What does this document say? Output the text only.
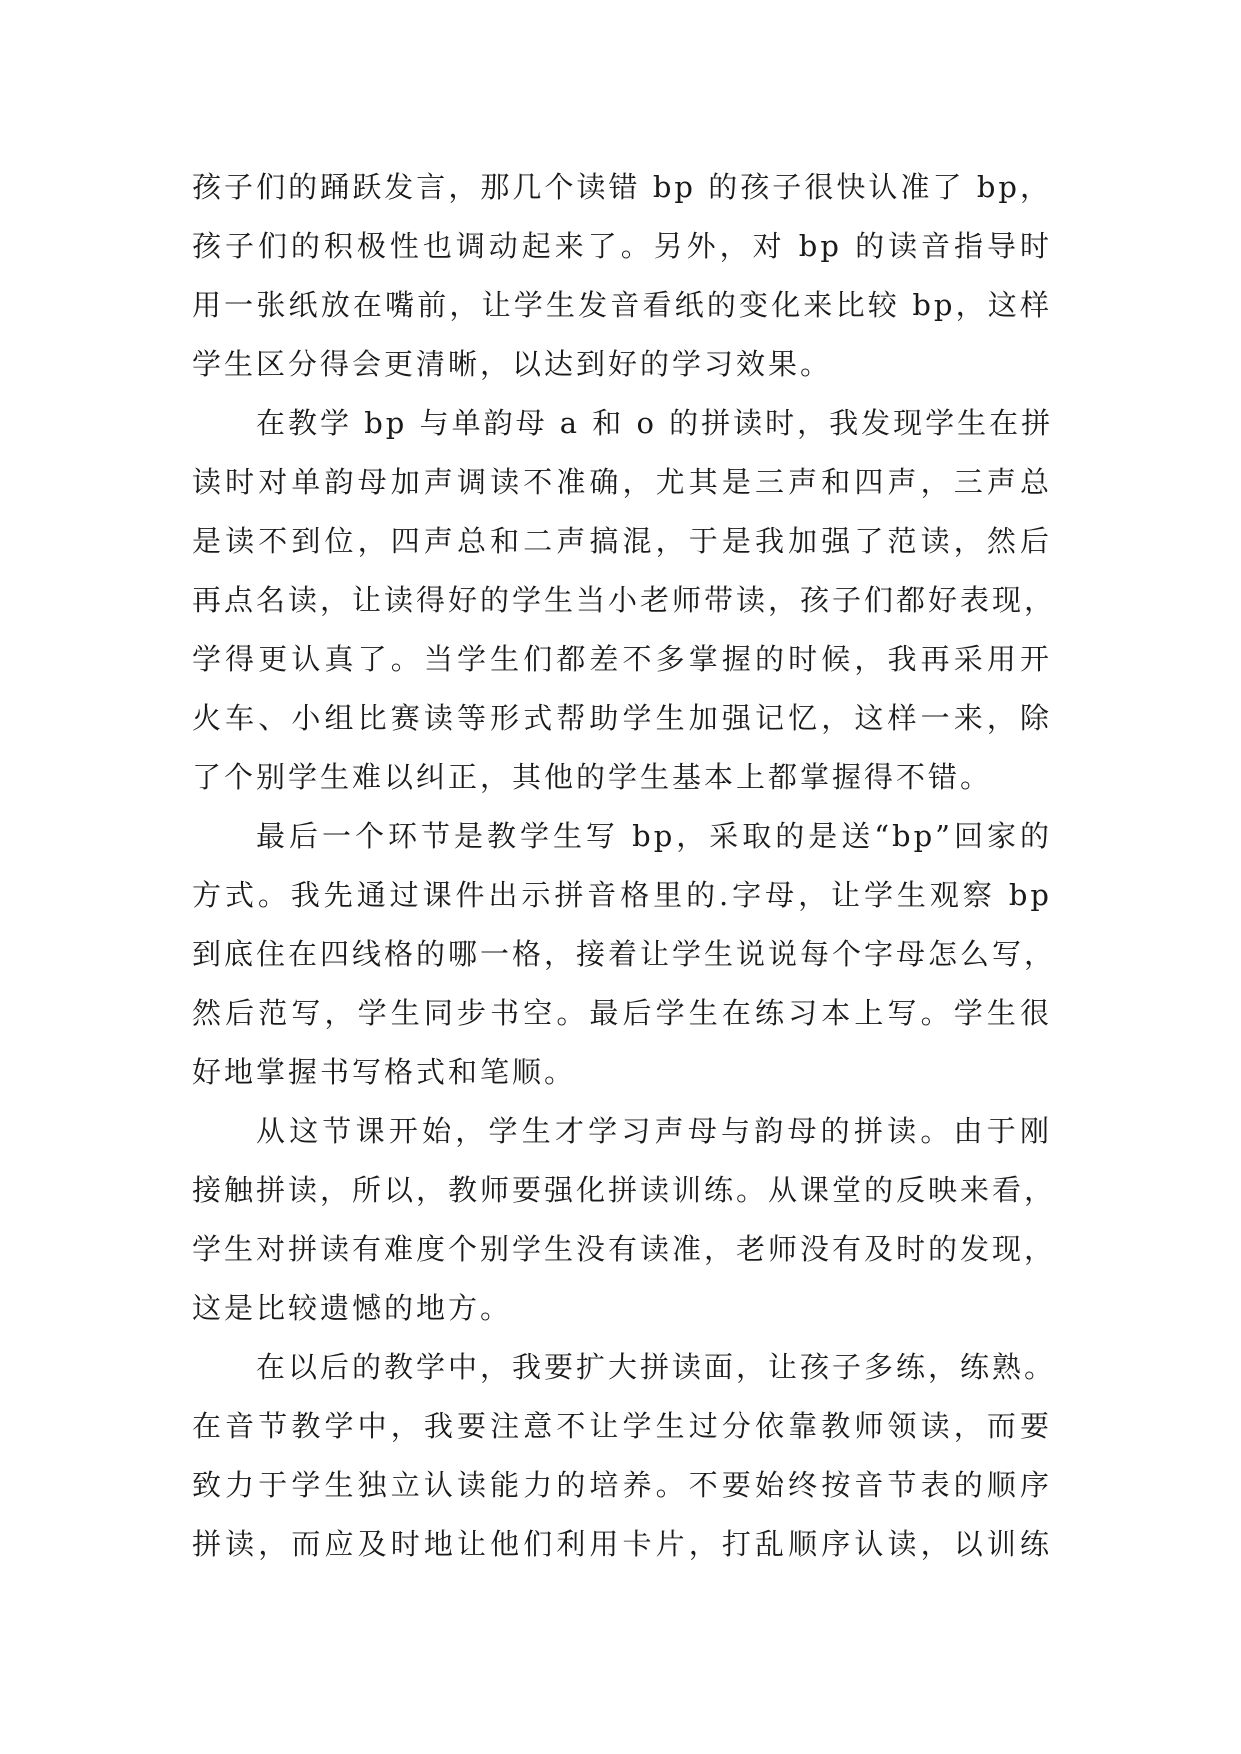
孩子们的踊跃发言，那几个读错 bp 的孩子很快认准了 bp，
孩子们的积极性也调动起来了。另外，对 bp 的读音指导时
用一张纸放在嘴前，让学生发音看纸的变化来比较 bp，这样
学生区分得会更清晰，以达到好的学习效果。
在教学 bp 与单韵母 a 和 o 的拼读时，我发现学生在拼
读时对单韵母加声调读不准确，尤其是三声和四声，三声总
是读不到位，四声总和二声搞混，于是我加强了范读，然后
再点名读，让读得好的学生当小老师带读，孩子们都好表现，
学得更认真了。当学生们都差不多掌握的时候，我再采用开
火车、小组比赛读等形式帮助学生加强记忆，这样一来，除
了个别学生难以纠正，其他的学生基本上都掌握得不错。
最后一个环节是教学生写 bp，采取的是送“bp”回家的
方式。我先通过课件出示拼音格里的.字母，让学生观察 bp
到底住在四线格的哪一格，接着让学生说说每个字母怎么写，
然后范写，学生同步书空。最后学生在练习本上写。学生很
好地掌握书写格式和笔顺。
从这节课开始，学生才学习声母与韵母的拼读。由于刚
接触拼读，所以，教师要强化拼读训练。从课堂的反映来看，
学生对拼读有难度个别学生没有读准，老师没有及时的发现，
这是比较遗憾的地方。
在以后的教学中，我要扩大拼读面，让孩子多练，练熟。
在音节教学中，我要注意不让学生过分依靠教师领读，而要
致力于学生独立认读能力的培养。不要始终按音节表的顺序
拼读，而应及时地让他们利用卡片，打乱顺序认读，以训练
